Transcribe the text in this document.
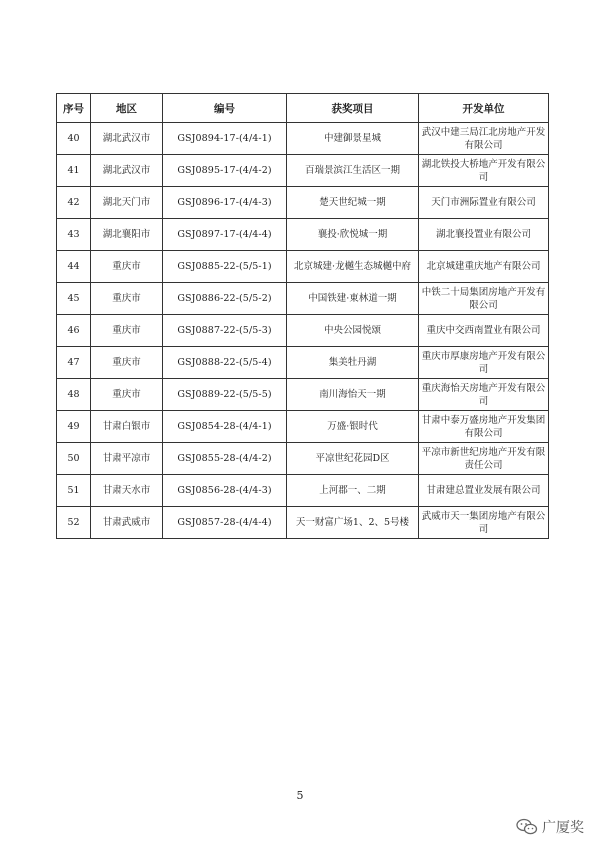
序号	地区	编号	获奖项目	开发单位
40	湖北武汉市	GSJ0894-17-(4/4-1)	中建御景星城	武汉中建三局江北房地产开发有限公司
41	湖北武汉市	GSJ0895-17-(4/4-2)	百瑞景滨江生活区一期	湖北铁投大桥地产开发有限公司
42	湖北天门市	GSJ0896-17-(4/4-3)	楚天世纪城一期	天门市洲际置业有限公司
43	湖北襄阳市	GSJ0897-17-(4/4-4)	襄投·欣悦城一期	湖北襄投置业有限公司
44	重庆市	GSJ0885-22-(5/5-1)	北京城建·龙樾生态城樾中府	北京城建重庆地产有限公司
45	重庆市	GSJ0886-22-(5/5-2)	中国铁建·東林道一期	中铁二十局集团房地产开发有限公司
46	重庆市	GSJ0887-22-(5/5-3)	中央公园悦颂	重庆中交西南置业有限公司
47	重庆市	GSJ0888-22-(5/5-4)	集美牡丹湖	重庆市厚康房地产开发有限公司
48	重庆市	GSJ0889-22-(5/5-5)	南川海怡天一期	重庆海怡天房地产开发有限公司
49	甘肃白银市	GSJ0854-28-(4/4-1)	万盛·银时代	甘肃中泰万盛房地产开发集团有限公司
50	甘肃平凉市	GSJ0855-28-(4/4-2)	平凉世纪花园D区	平凉市新世纪房地产开发有限责任公司
51	甘肃天水市	GSJ0856-28-(4/4-3)	上河郡一、二期	甘肃建总置业发展有限公司
52	甘肃武威市	GSJ0857-28-(4/4-4)	天一财富广场1、2、5号楼	武威市天一集团房地产有限公司
5
广厦奖
